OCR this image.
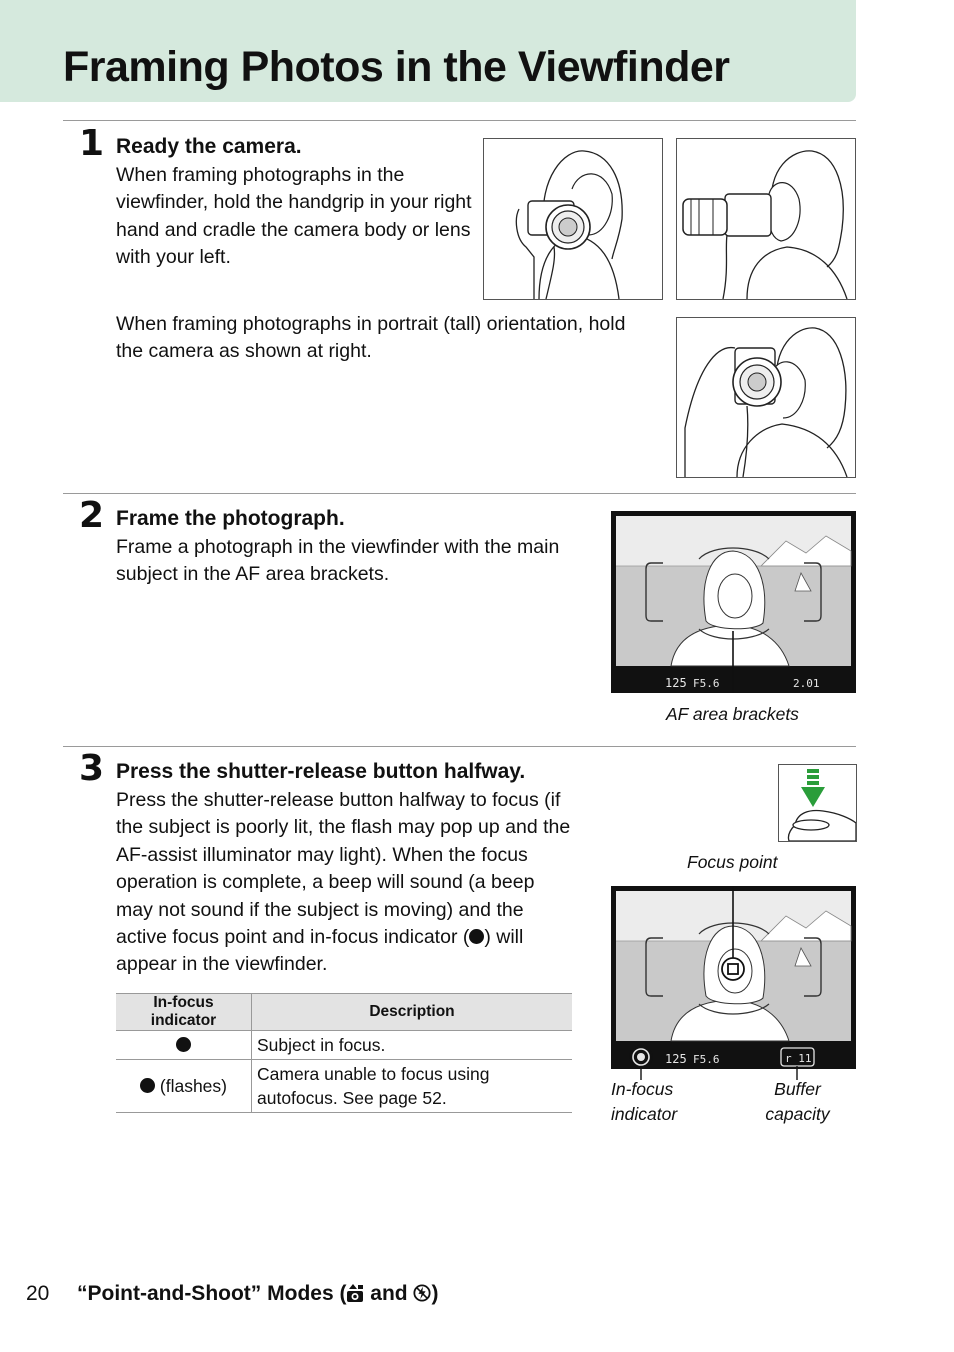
Framing Photos in the Viewfinder
1 Ready the camera.

When framing photographs in the viewfinder, hold the handgrip in your right hand and cradle the camera body or lens with your left.

When framing photographs in portrait (tall) orientation, hold the camera as shown at right.

2 Frame the photograph.

Frame a photograph in the viewfinder with the main subject in the AF area brackets.

125 F5.6	2.01
AF area brackets
3 Press the shutter-release button halfway.

Press the shutter-release button halfway to focus (if the subject is poorly lit, the flash may pop up and the AF-assist illuminator may light). When the focus operation is complete, a beep will sound (a beep may not sound if the subject is moving) and the active focus point and in-focus indicator ( ) will appear in the viewfinder.

Focus point
125 F5.6	r 11
In-focus indicator
Buffer capacity
In-focus indicator	Description
	Subject in focus.
(flashes)	Camera unable to focus using autofocus. See page 52.
20 “Point-and-Shoot” Modes ( and )
